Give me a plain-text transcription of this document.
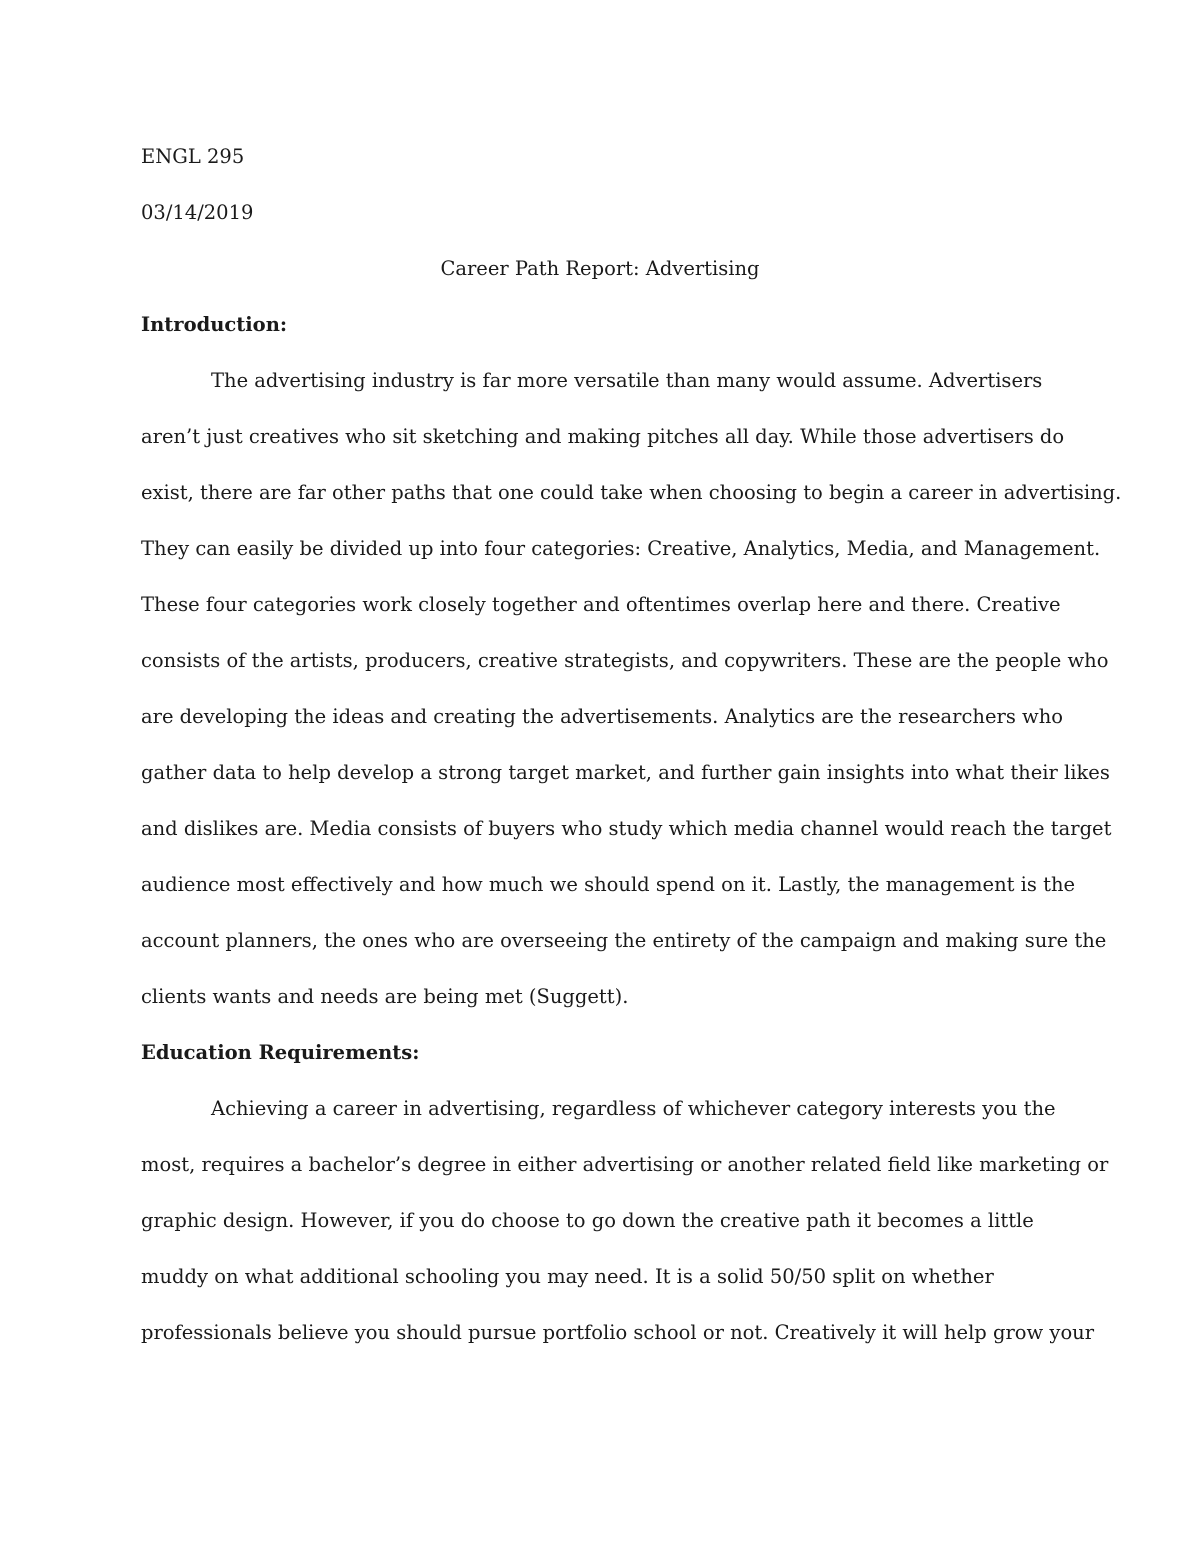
ENGL 295
03/14/2019
Career Path Report: Advertising
Introduction:
The advertising industry is far more versatile than many would assume. Advertisers
aren’t just creatives who sit sketching and making pitches all day. While those advertisers do
exist, there are far other paths that one could take when choosing to begin a career in advertising.
They can easily be divided up into four categories: Creative, Analytics, Media, and Management.
These four categories work closely together and oftentimes overlap here and there. Creative
consists of the artists, producers, creative strategists, and copywriters. These are the people who
are developing the ideas and creating the advertisements. Analytics are the researchers who
gather data to help develop a strong target market, and further gain insights into what their likes
and dislikes are. Media consists of buyers who study which media channel would reach the target
audience most effectively and how much we should spend on it. Lastly, the management is the
account planners, the ones who are overseeing the entirety of the campaign and making sure the
clients wants and needs are being met (Suggett).
Education Requirements:
Achieving a career in advertising, regardless of whichever category interests you the
most, requires a bachelor’s degree in either advertising or another related field like marketing or
graphic design. However, if you do choose to go down the creative path it becomes a little
muddy on what additional schooling you may need. It is a solid 50/50 split on whether
professionals believe you should pursue portfolio school or not. Creatively it will help grow your
